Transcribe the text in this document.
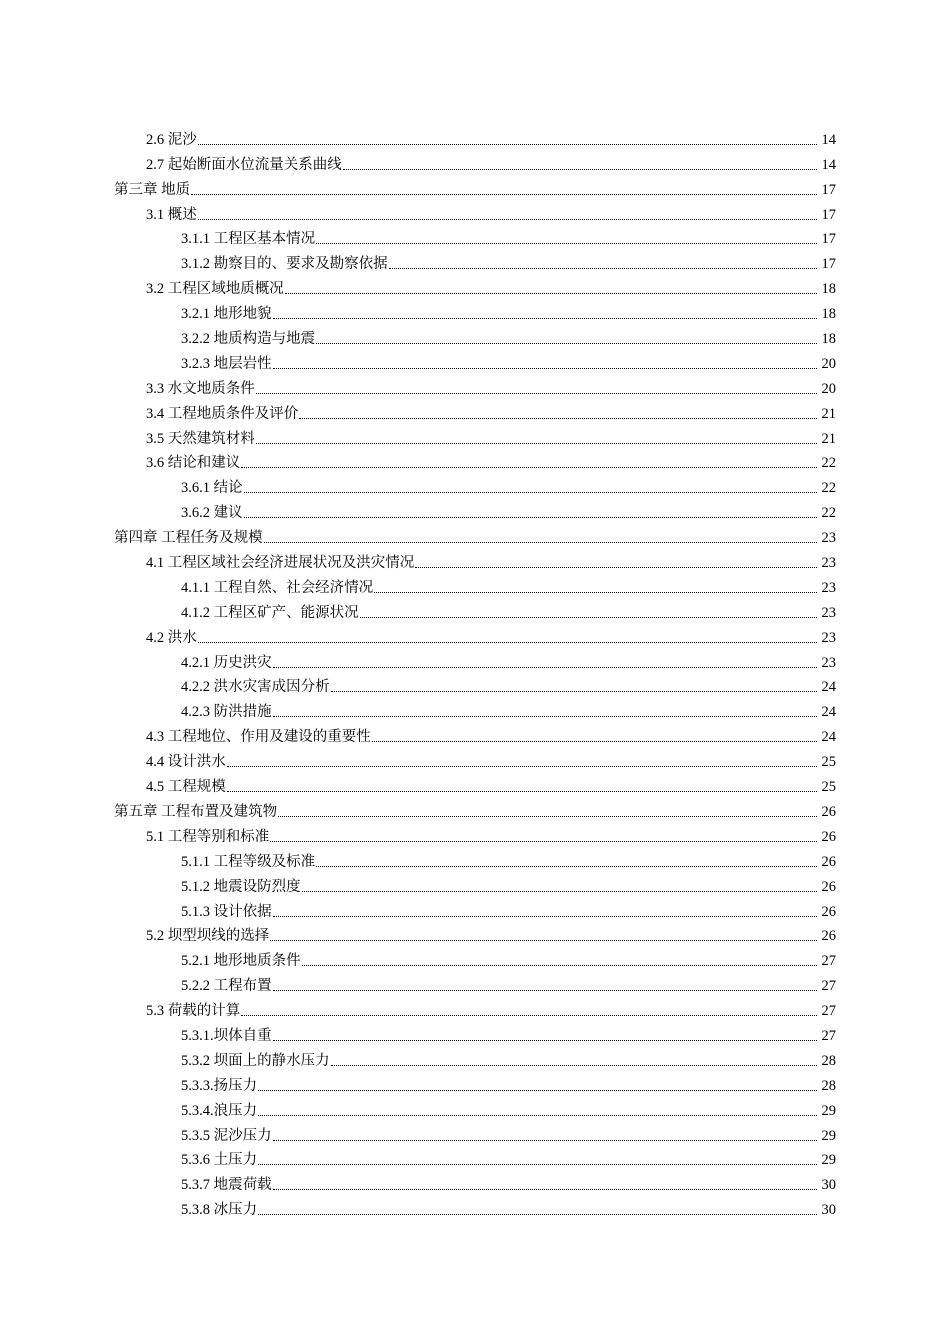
2.6 泥沙	14
2.7 起始断面水位流量关系曲线	14
第三章 地质	17
3.1 概述	17
3.1.1 工程区基本情况	17
3.1.2 勘察目的、要求及勘察依据	17
3.2 工程区域地质概况	18
3.2.1 地形地貌	18
3.2.2 地质构造与地震	18
3.2.3 地层岩性	20
3.3 水文地质条件	20
3.4 工程地质条件及评价	21
3.5 天然建筑材料	21
3.6 结论和建议	22
3.6.1 结论	22
3.6.2 建议	22
第四章 工程任务及规模	23
4.1 工程区域社会经济进展状况及洪灾情况	23
4.1.1 工程自然、社会经济情况	23
4.1.2 工程区矿产、能源状况	23
4.2 洪水	23
4.2.1 历史洪灾	23
4.2.2 洪水灾害成因分析	24
4.2.3 防洪措施	24
4.3 工程地位、作用及建设的重要性	24
4.4 设计洪水	25
4.5 工程规模	25
第五章 工程布置及建筑物	26
5.1 工程等别和标准	26
5.1.1 工程等级及标准	26
5.1.2 地震设防烈度	26
5.1.3 设计依据	26
5.2 坝型坝线的选择	26
5.2.1 地形地质条件	27
5.2.2 工程布置	27
5.3 荷载的计算	27
5.3.1.坝体自重	27
5.3.2 坝面上的静水压力	28
5.3.3.扬压力	28
5.3.4.浪压力	29
5.3.5 泥沙压力	29
5.3.6 土压力	29
5.3.7 地震荷载	30
5.3.8 冰压力	30
